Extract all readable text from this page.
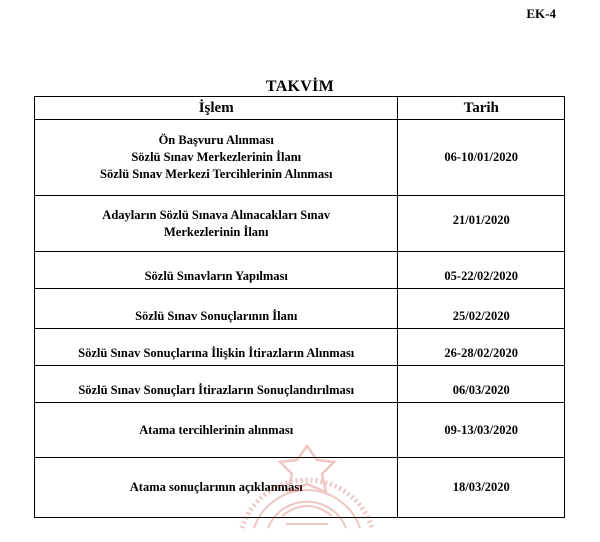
EK-4
TAKVİM
İşlem	Tarih

Ön Başvuru Alınması
Sözlü Sınav Merkezlerinin İlanı
Sözlü Sınav Merkezi Tercihlerinin Alınması	06-10/01/2020

Adayların Sözlü Sınava Alınacakları Sınav
Merkezlerinin İlanı	21/01/2020

Sözlü Sınavların Yapılması	05-22/02/2020

Sözlü Sınav Sonuçlarının İlanı	25/02/2020

Sözlü Sınav Sonuçlarına İlişkin İtirazların Alınması	26-28/02/2020

Sözlü Sınav Sonuçları İtirazların Sonuçlandırılması	06/03/2020

Atama tercihlerinin alınması	09-13/03/2020

Atama sonuçlarının açıklanması	18/03/2020
